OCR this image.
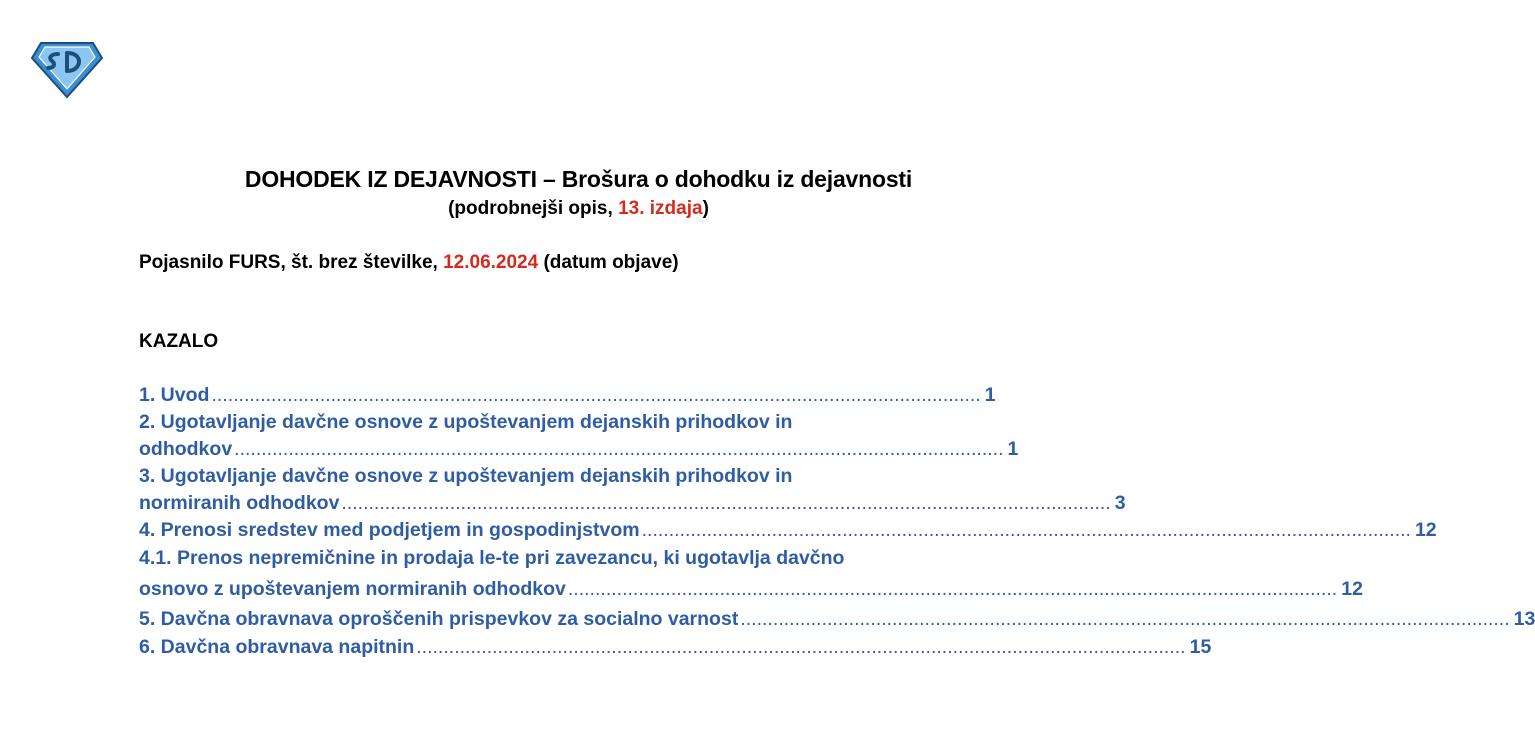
DOHODEK IZ DEJAVNOSTI – Brošura o dohodku iz dejavnosti
(podrobnejši opis, 13. izdaja)
Pojasnilo FURS, št. brez številke, 12.06.2024 (datum objave)
KAZALO
1. Uvod .............................................................................................................................................. 1
2. Ugotavljanje davčne osnove z upoštevanjem dejanskih prihodkov in
odhodkov .............................................................................................................................................. 1
3. Ugotavljanje davčne osnove z upoštevanjem dejanskih prihodkov in
normiranih odhodkov .............................................................................................................................................. 3
4. Prenosi sredstev med podjetjem in gospodinjstvom .............................................................................................................................................. 12
4.1. Prenos nepremičnine in prodaja le-te pri zavezancu, ki ugotavlja davčno
osnovo z upoštevanjem normiranih odhodkov .............................................................................................................................................. 12
5. Davčna obravnava oproščenih prispevkov za socialno varnost .............................................................................................................................................. 13
6. Davčna obravnava napitnin .............................................................................................................................................. 15
